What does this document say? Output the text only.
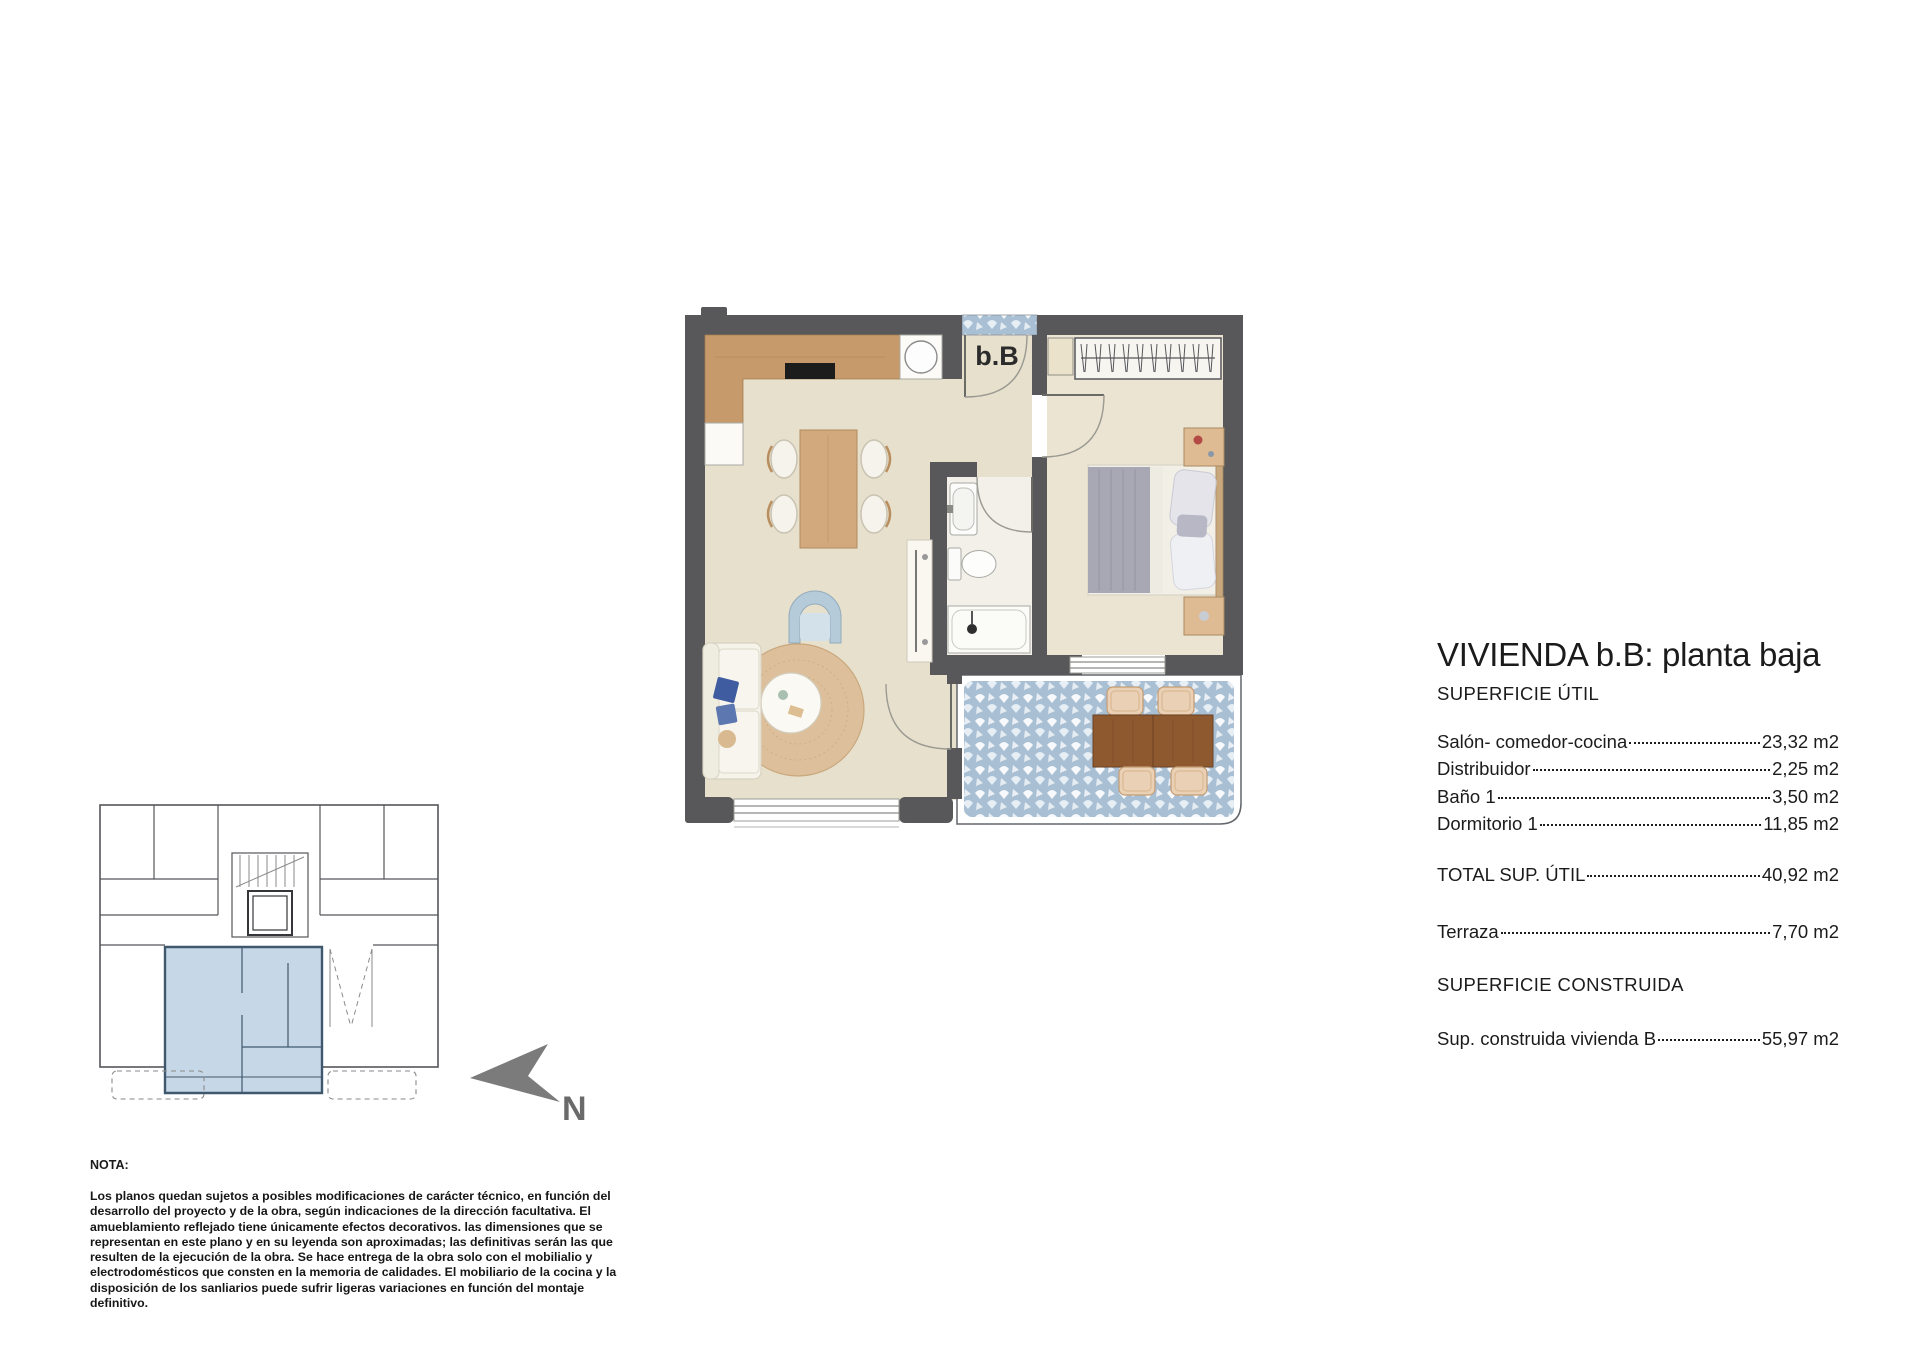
b.B
N
VIVIENDA b.B: planta baja
SUPERFICIE ÚTIL
Salón- comedor-cocina	23,32 m2
Distribuidor	2,25 m2
Baño 1	3,50 m2
Dormitorio 1	11,85 m2
TOTAL SUP. ÚTIL	40,92 m2
Terraza	7,70 m2
SUPERFICIE CONSTRUIDA
Sup. construida vivienda B	55,97 m2
NOTA:
Los planos quedan sujetos a posibles modificaciones de carácter técnico, en función del desarrollo del proyecto y de la obra, según indicaciones de la dirección facultativa. El amueblamiento reflejado tiene únicamente efectos decorativos. las dimensiones que se representan en este plano y en su leyenda son aproximadas; las definitivas serán las que resulten de la ejecución de la obra. Se hace entrega de la obra solo con el mobilialio y electrodomésticos que consten en la memoria de calidades. El mobiliario de la cocina y la disposición de los sanliarios puede sufrir ligeras variaciones en función del montaje definitivo.
